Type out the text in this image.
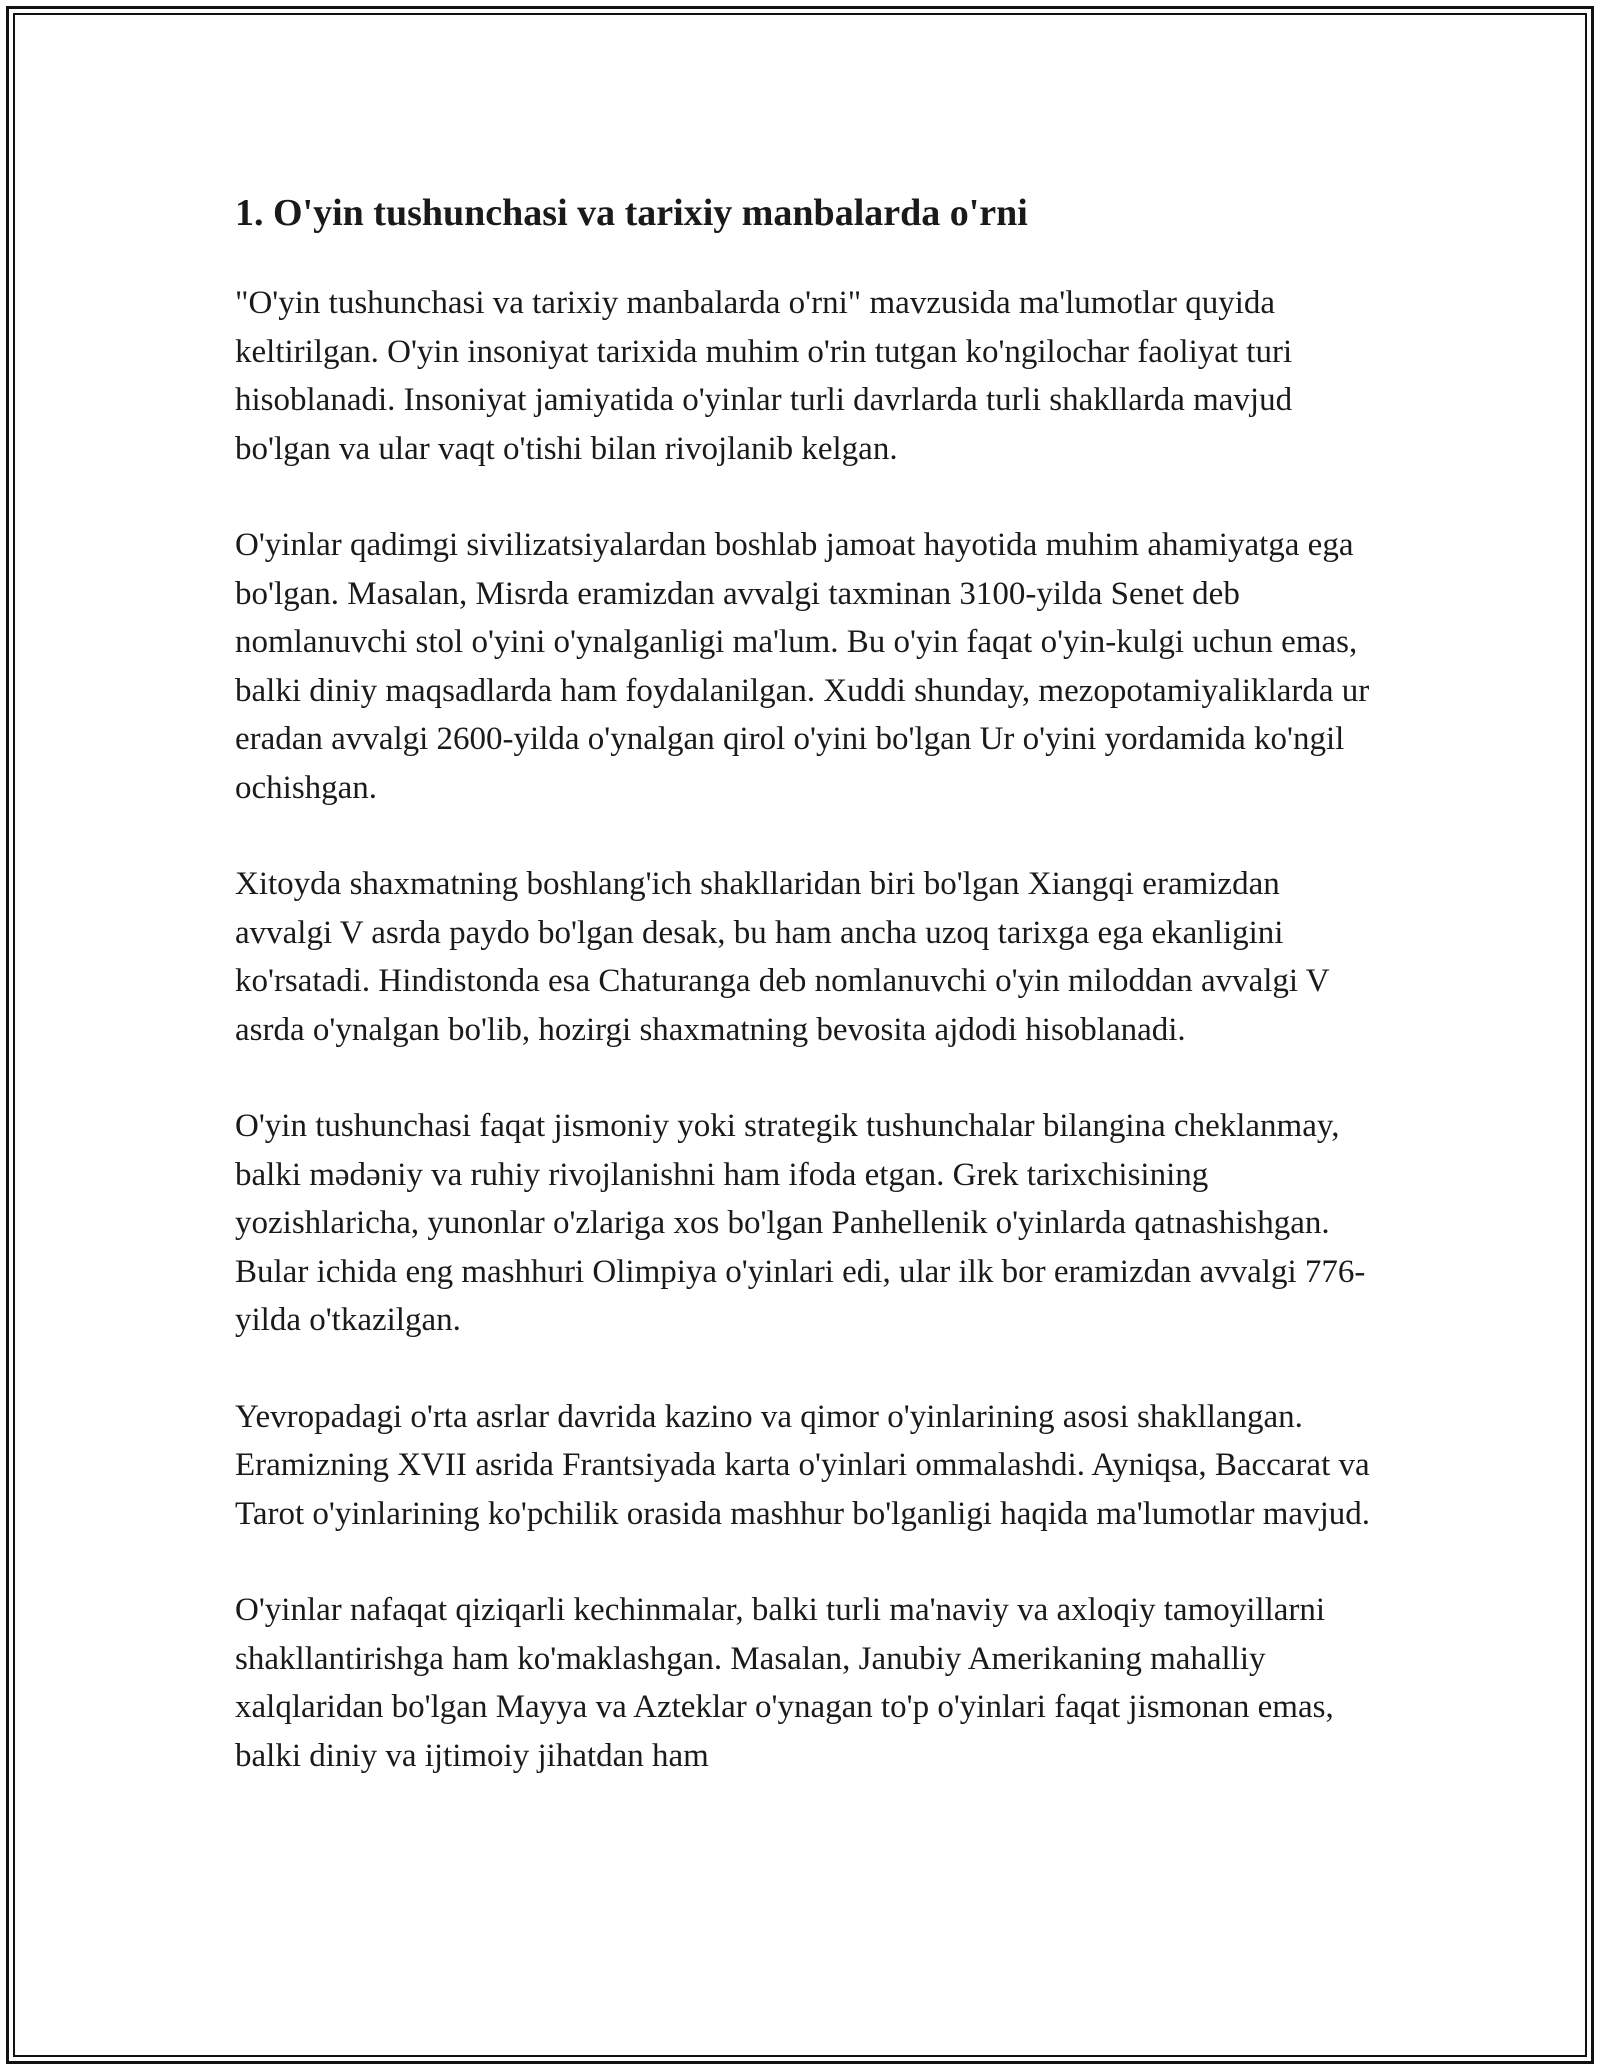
1. O'yin tushunchasi va tarixiy manbalarda o'rni

"O'yin tushunchasi va tarixiy manbalarda o'rni" mavzusida ma'lumotlar quyida keltirilgan. O'yin insoniyat tarixida muhim o'rin tutgan ko'ngilochar faoliyat turi hisoblanadi. Insoniyat jamiyatida o'yinlar turli davrlarda turli shakllarda mavjud bo'lgan va ular vaqt o'tishi bilan rivojlanib kelgan.

O'yinlar qadimgi sivilizatsiyalardan boshlab jamoat hayotida muhim ahamiyatga ega bo'lgan. Masalan, Misrda eramizdan avvalgi taxminan 3100-yilda Senet deb nomlanuvchi stol o'yini o'ynalganligi ma'lum. Bu o'yin faqat o'yin-kulgi uchun emas, balki diniy maqsadlarda ham foydalanilgan. Xuddi shunday, mezopotamiyaliklarda ur eradan avvalgi 2600-yilda o'ynalgan qirol o'yini bo'lgan Ur o'yini yordamida ko'ngil ochishgan.

Xitoyda shaxmatning boshlang'ich shakllaridan biri bo'lgan Xiangqi eramizdan avvalgi V asrda paydo bo'lgan desak, bu ham ancha uzoq tarixga ega ekanligini ko'rsatadi. Hindistonda esa Chaturanga deb nomlanuvchi o'yin miloddan avvalgi V asrda o'ynalgan bo'lib, hozirgi shaxmatning bevosita ajdodi hisoblanadi.

O'yin tushunchasi faqat jismoniy yoki strategik tushunchalar bilangina cheklanmay, balki mədəniy va ruhiy rivojlanishni ham ifoda etgan. Grek tarixchisining yozishlaricha, yunonlar o'zlariga xos bo'lgan Panhellenik o'yinlarda qatnashishgan. Bular ichida eng mashhuri Olimpiya o'yinlari edi, ular ilk bor eramizdan avvalgi 776-yilda o'tkazilgan.

Yevropadagi o'rta asrlar davrida kazino va qimor o'yinlarining asosi shakllangan. Eramizning XVII asrida Frantsiyada karta o'yinlari ommalashdi. Ayniqsa, Baccarat va Tarot o'yinlarining ko'pchilik orasida mashhur bo'lganligi haqida ma'lumotlar mavjud.

O'yinlar nafaqat qiziqarli kechinmalar, balki turli ma'naviy va axloqiy tamoyillarni shakllantirishga ham ko'maklashgan. Masalan, Janubiy Amerikaning mahalliy xalqlaridan bo'lgan Mayya va Azteklar o'ynagan to'p o'yinlari faqat jismonan emas, balki diniy va ijtimoiy jihatdan ham
